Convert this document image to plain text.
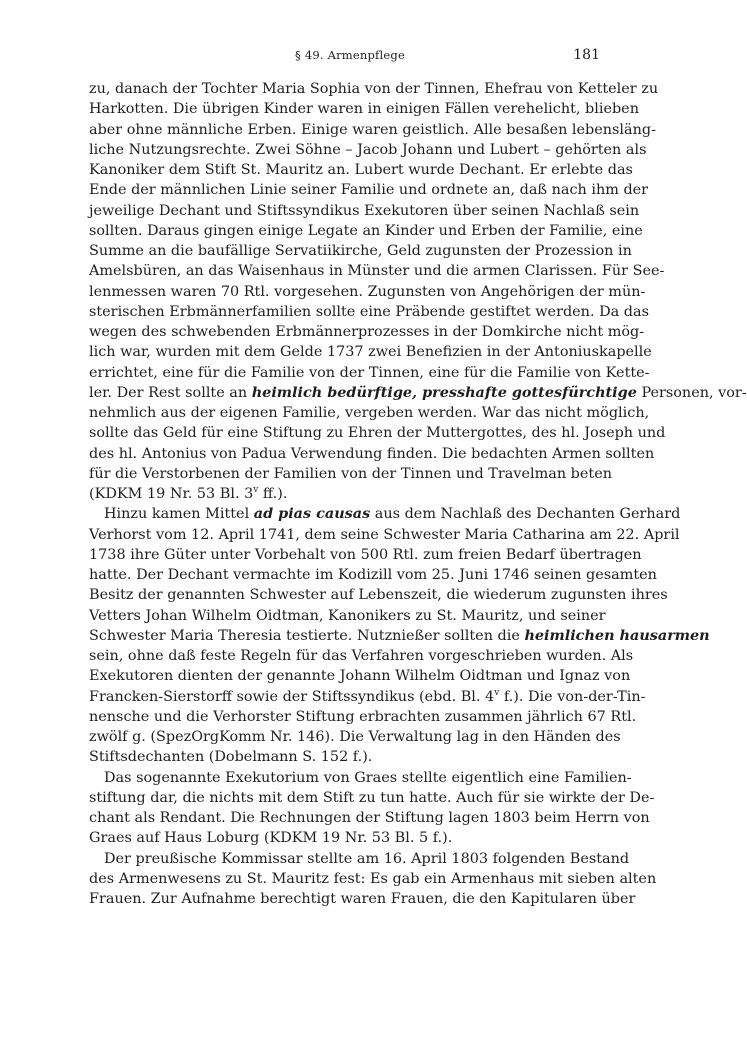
§ 49. Armenpflege	181
zu, danach der Tochter Maria Sophia von der Tinnen, Ehefrau von Ketteler zu
Harkotten. Die übrigen Kinder waren in einigen Fällen verehelicht, blieben
aber ohne männliche Erben. Einige waren geistlich. Alle besaßen lebensläng-
liche Nutzungsrechte. Zwei Söhne – Jacob Johann und Lubert – gehörten als
Kanoniker dem Stift St. Mauritz an. Lubert wurde Dechant. Er erlebte das
Ende der männlichen Linie seiner Familie und ordnete an, daß nach ihm der
jeweilige Dechant und Stiftssyndikus Exekutoren über seinen Nachlaß sein
sollten. Daraus gingen einige Legate an Kinder und Erben der Familie, eine
Summe an die baufällige Servatiikirche, Geld zugunsten der Prozession in
Amelsbüren, an das Waisenhaus in Münster und die armen Clarissen. Für See-
lenmessen waren 70 Rtl. vorgesehen. Zugunsten von Angehörigen der mün-
sterischen Erbmännerfamilien sollte eine Präbende gestiftet werden. Da das
wegen des schwebenden Erbmännerprozesses in der Domkirche nicht mög-
lich war, wurden mit dem Gelde 1737 zwei Benefizien in der Antoniuskapelle
errichtet, eine für die Familie von der Tinnen, eine für die Familie von Kette-
ler. Der Rest sollte an heimlich bedürftige, presshafte gottesfürchtige Personen, vor-
nehmlich aus der eigenen Familie, vergeben werden. War das nicht möglich,
sollte das Geld für eine Stiftung zu Ehren der Muttergottes, des hl. Joseph und
des hl. Antonius von Padua Verwendung finden. Die bedachten Armen sollten
für die Verstorbenen der Familien von der Tinnen und Travelman beten
(KDKM 19 Nr. 53 Bl. 3$^v$ ff.).
Hinzu kamen Mittel ad pias causas aus dem Nachlaß des Dechanten Gerhard
Verhorst vom 12. April 1741, dem seine Schwester Maria Catharina am 22. April
1738 ihre Güter unter Vorbehalt von 500 Rtl. zum freien Bedarf übertragen
hatte. Der Dechant vermachte im Kodizill vom 25. Juni 1746 seinen gesamten
Besitz der genannten Schwester auf Lebenszeit, die wiederum zugunsten ihres
Vetters Johan Wilhelm Oidtman, Kanonikers zu St. Mauritz, und seiner
Schwester Maria Theresia testierte. Nutznießer sollten die heimlichen hausarmen
sein, ohne daß feste Regeln für das Verfahren vorgeschrieben wurden. Als
Exekutoren dienten der genannte Johann Wilhelm Oidtman und Ignaz von
Francken-Sierstorff sowie der Stiftssyndikus (ebd. Bl. 4$^v$ f.). Die von-der-Tin-
nensche und die Verhorster Stiftung erbrachten zusammen jährlich 67 Rtl.
zwölf g. (SpezOrgKomm Nr. 146). Die Verwaltung lag in den Händen des
Stiftsdechanten (Dobelmann S. 152 f.).
Das sogenannte Exekutorium von Graes stellte eigentlich eine Familien-
stiftung dar, die nichts mit dem Stift zu tun hatte. Auch für sie wirkte der De-
chant als Rendant. Die Rechnungen der Stiftung lagen 1803 beim Herrn von
Graes auf Haus Loburg (KDKM 19 Nr. 53 Bl. 5 f.).
Der preußische Kommissar stellte am 16. April 1803 folgenden Bestand
des Armenwesens zu St. Mauritz fest: Es gab ein Armenhaus mit sieben alten
Frauen. Zur Aufnahme berechtigt waren Frauen, die den Kapitularen über
